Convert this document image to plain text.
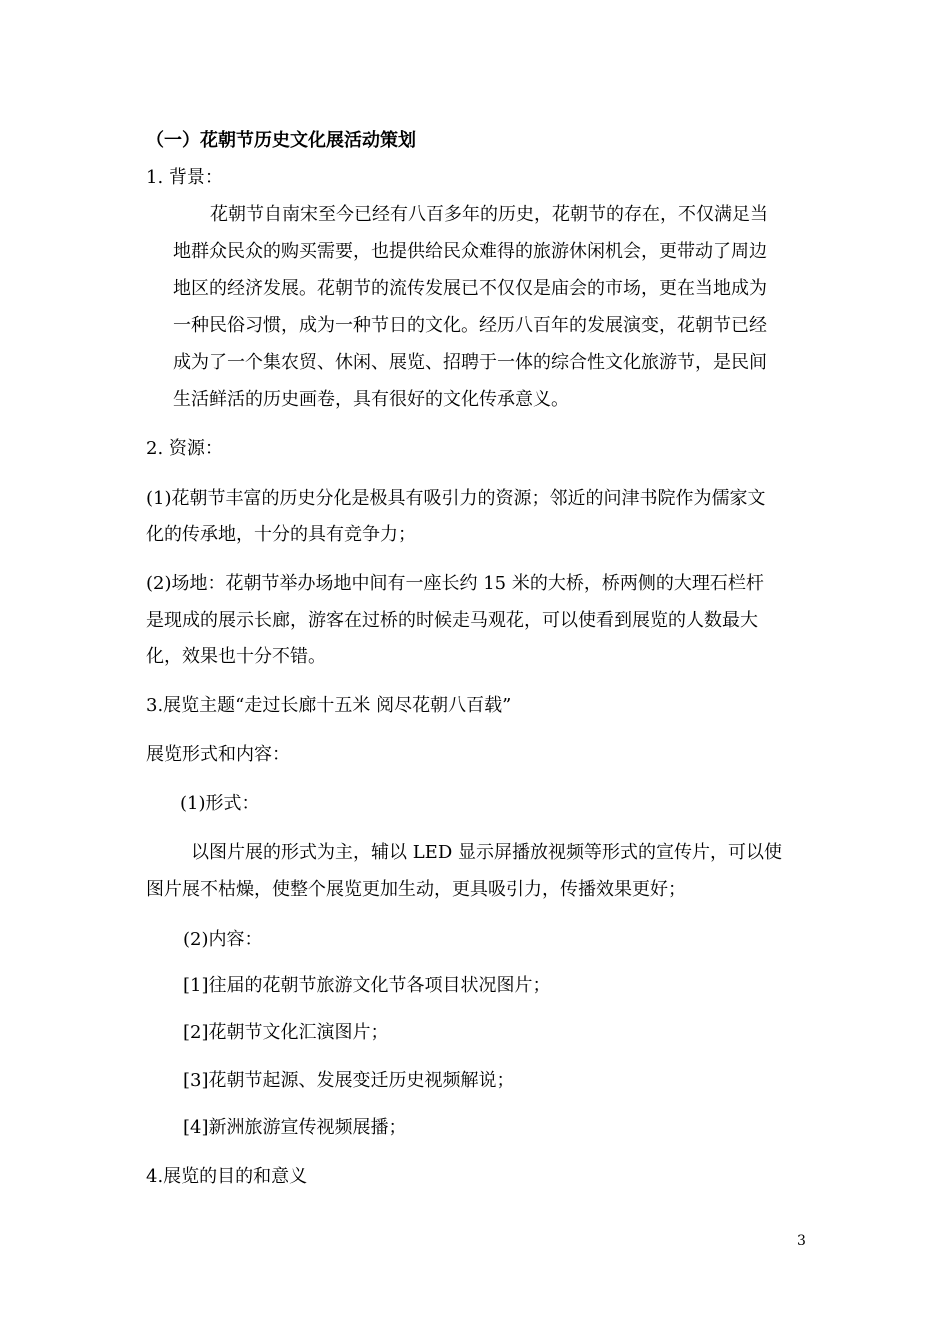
（一）花朝节历史文化展活动策划
1. 背景：
花朝节自南宋至今已经有八百多年的历史，花朝节的存在，不仅满足当
地群众民众的购买需要，也提供给民众难得的旅游休闲机会，更带动了周边
地区的经济发展。花朝节的流传发展已不仅仅是庙会的市场，更在当地成为
一种民俗习惯，成为一种节日的文化。经历八百年的发展演变，花朝节已经
成为了一个集农贸、休闲、展览、招聘于一体的综合性文化旅游节，是民间
生活鲜活的历史画卷，具有很好的文化传承意义。
2. 资源：
(1)花朝节丰富的历史分化是极具有吸引力的资源；邻近的问津书院作为儒家文
化的传承地，十分的具有竞争力；
(2)场地：花朝节举办场地中间有一座长约 15 米的大桥，桥两侧的大理石栏杆
是现成的展示长廊，游客在过桥的时候走马观花，可以使看到展览的人数最大
化，效果也十分不错。
3.展览主题“走过长廊十五米 阅尽花朝八百载”
展览形式和内容：
(1)形式：
以图片展的形式为主，辅以 LED 显示屏播放视频等形式的宣传片，可以使
图片展不枯燥，使整个展览更加生动，更具吸引力，传播效果更好；
(2)内容：
[1]往届的花朝节旅游文化节各项目状况图片；
[2]花朝节文化汇演图片；
[3]花朝节起源、发展变迁历史视频解说；
[4]新洲旅游宣传视频展播；
4.展览的目的和意义
3
